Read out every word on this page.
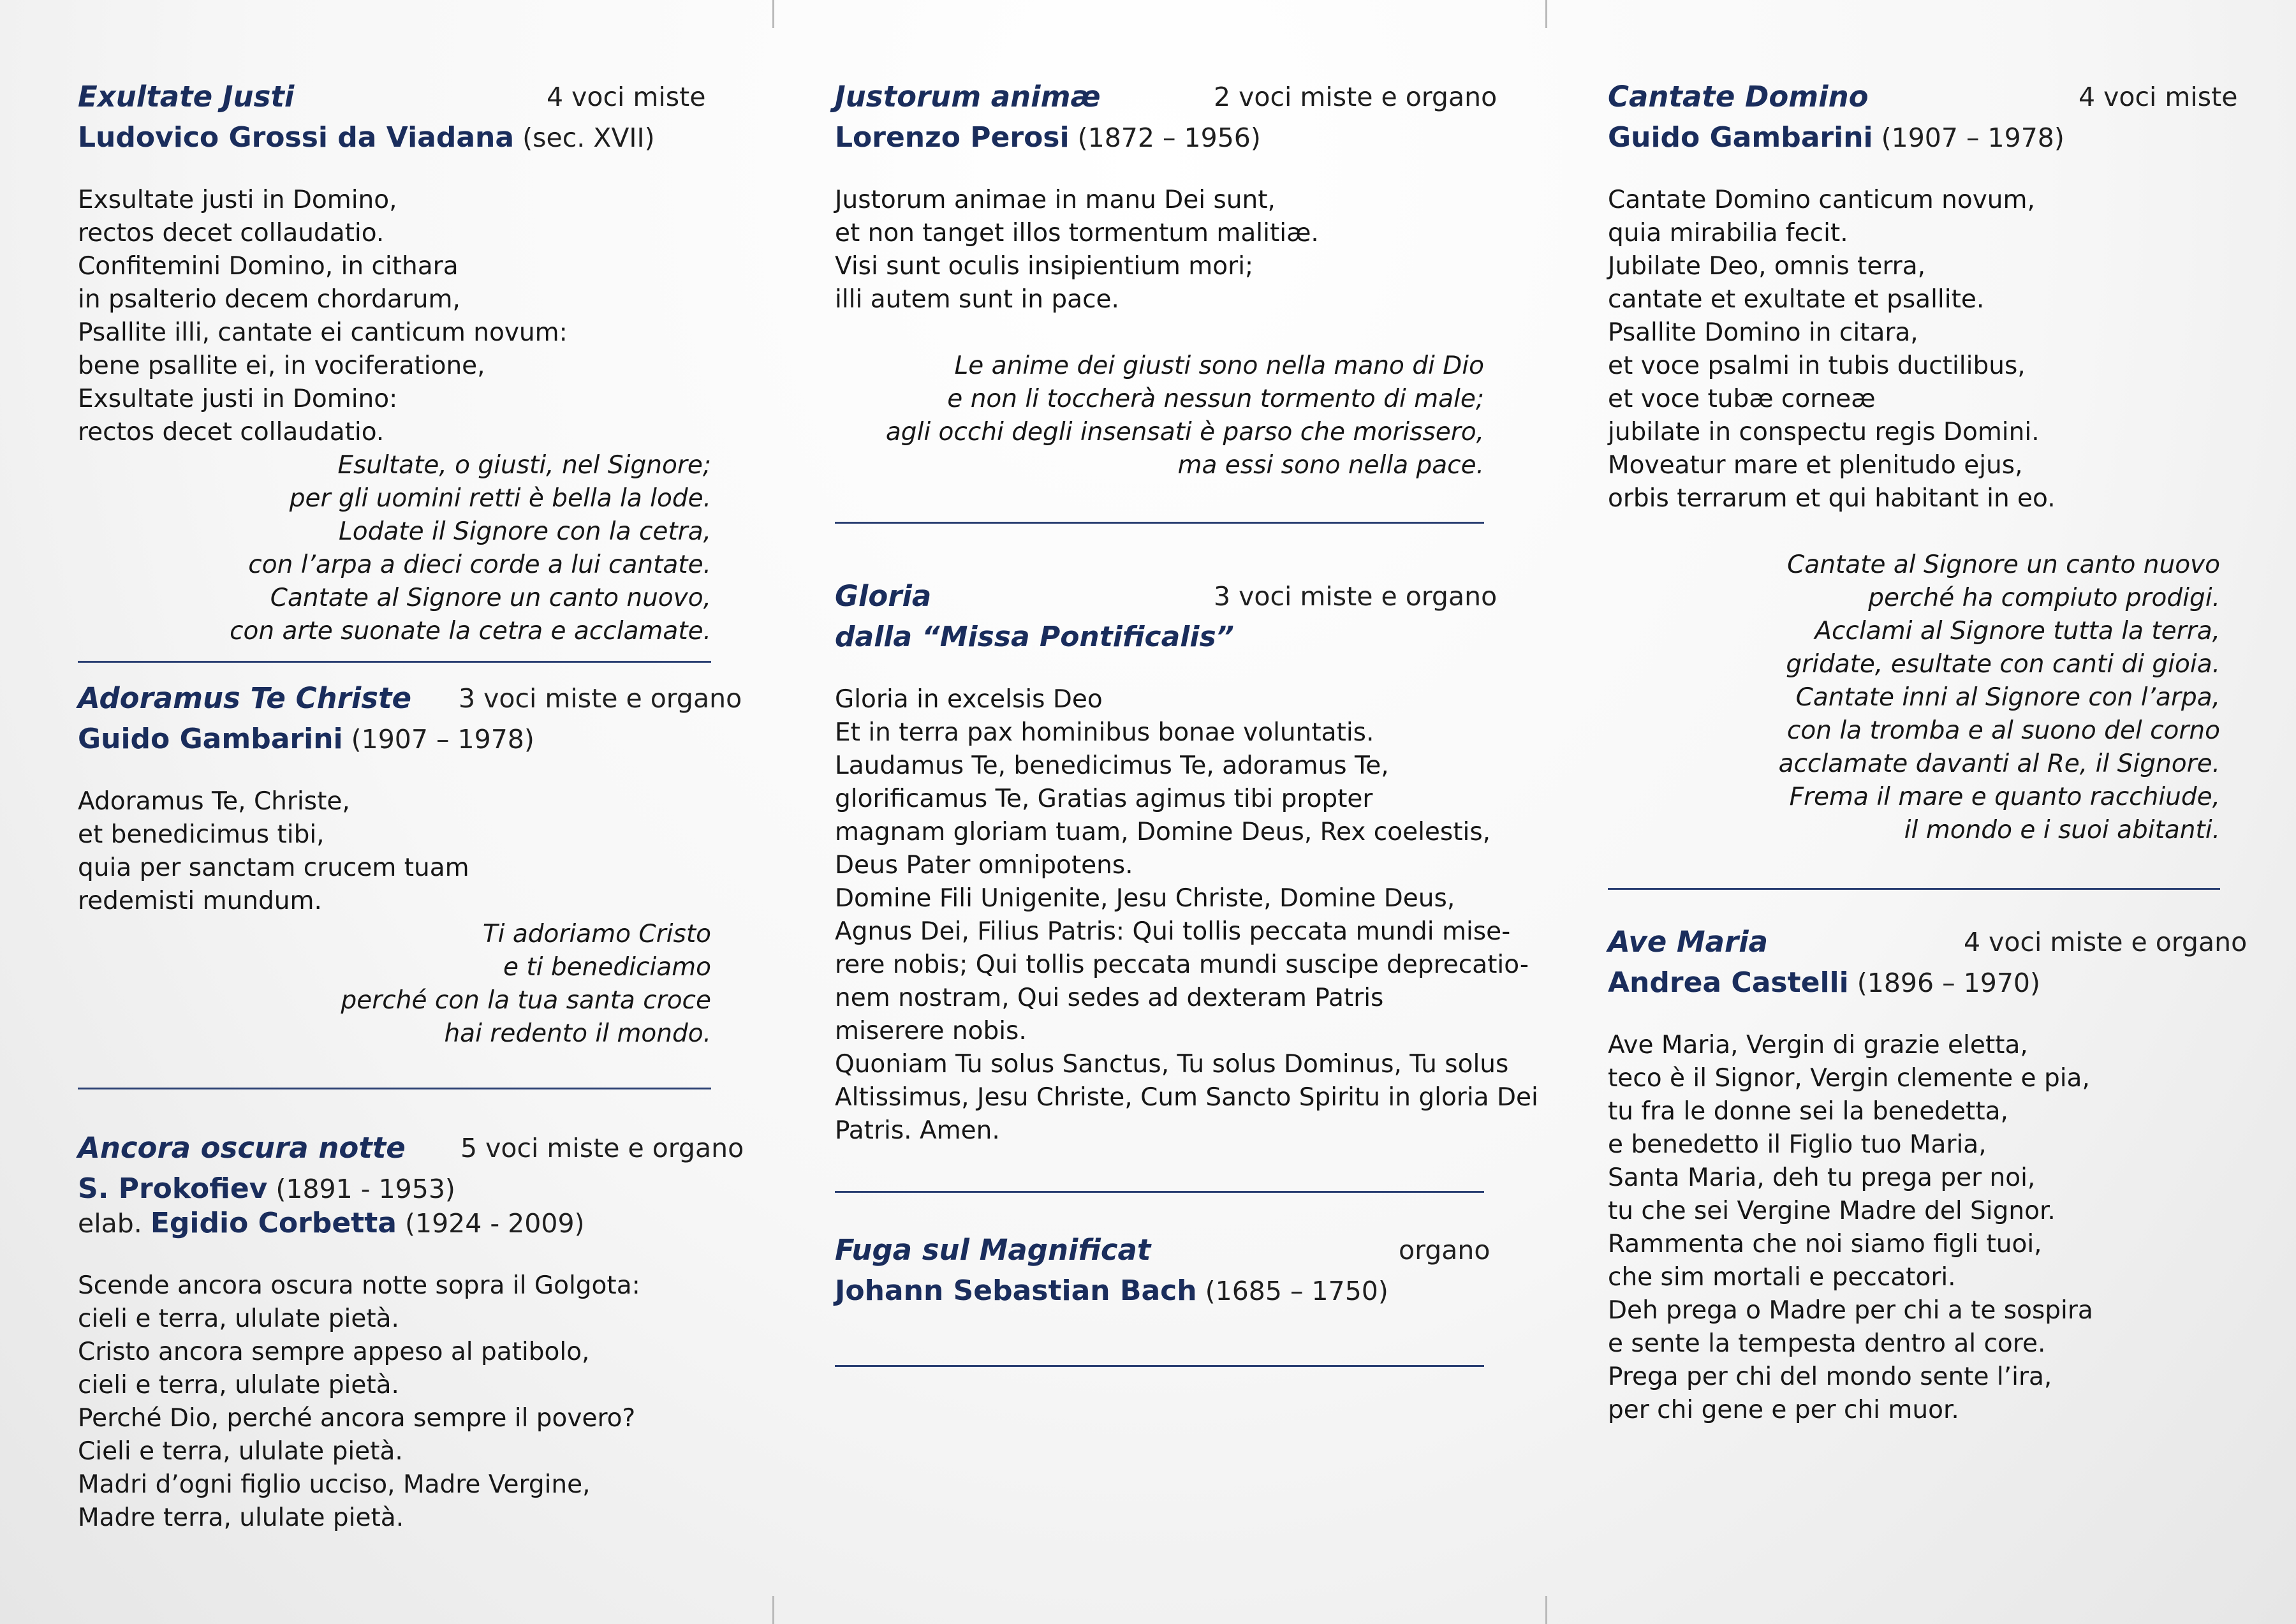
Exultate Justi	4 voci miste
Ludovico Grossi da Viadana (sec. XVII)
Exsultate justi in Domino,
rectos decet collaudatio.
Confitemini Domino, in cithara
in psalterio decem chordarum,
Psallite illi, cantate ei canticum novum:
bene psallite ei, in vociferatione,
Exsultate justi in Domino:
rectos decet collaudatio.
Esultate, o giusti, nel Signore;
per gli uomini retti è bella la lode.
Lodate il Signore con la cetra,
con l’arpa a dieci corde a lui cantate.
Cantate al Signore un canto nuovo,
con arte suonate la cetra e acclamate.
Adoramus Te Christe 3 voci miste e organo
Guido Gambarini (1907 – 1978)
Adoramus Te, Christe,
et benedicimus tibi,
quia per sanctam crucem tuam
redemisti mundum.
Ti adoriamo Cristo
e ti benediciamo
perché con la tua santa croce
hai redento il mondo.
Ancora oscura notte 5 voci miste e organo
S. Prokofiev (1891 - 1953)
elab. Egidio Corbetta (1924 - 2009)
Scende ancora oscura notte sopra il Golgota:
cieli e terra, ululate pietà.
Cristo ancora sempre appeso al patibolo,
cieli e terra, ululate pietà.
Perché Dio, perché ancora sempre il povero?
Cieli e terra, ululate pietà.
Madri d’ogni figlio ucciso, Madre Vergine,
Madre terra, ululate pietà.
Justorum animæ	2 voci miste e organo
Lorenzo Perosi (1872 – 1956)
Justorum animae in manu Dei sunt,
et non tanget illos tormentum malitiæ.
Visi sunt oculis insipientium mori;
illi autem sunt in pace.
Le anime dei giusti sono nella mano di Dio
e non li toccherà nessun tormento di male;
agli occhi degli insensati è parso che morissero,
ma essi sono nella pace.
Gloria	3 voci miste e organo
dalla “Missa Pontificalis”
Gloria in excelsis Deo
Et in terra pax hominibus bonae voluntatis.
Laudamus Te, benedicimus Te, adoramus Te,
glorificamus Te, Gratias agimus tibi propter
magnam gloriam tuam, Domine Deus, Rex coelestis,
Deus Pater omnipotens.
Domine Fili Unigenite, Jesu Christe, Domine Deus,
Agnus Dei, Filius Patris: Qui tollis peccata mundi mise-
rere nobis; Qui tollis peccata mundi suscipe deprecatio-
nem nostram, Qui sedes ad dexteram Patris
miserere nobis.
Quoniam Tu solus Sanctus, Tu solus Dominus, Tu solus
Altissimus, Jesu Christe, Cum Sancto Spiritu in gloria Dei
Patris. Amen.
Fuga sul Magnificat	organo
Johann Sebastian Bach (1685 – 1750)
Cantate Domino	4 voci miste
Guido Gambarini (1907 – 1978)
Cantate Domino canticum novum,
quia mirabilia fecit.
Jubilate Deo, omnis terra,
cantate et exultate et psallite.
Psallite Domino in citara,
et voce psalmi in tubis ductilibus,
et voce tubæ corneæ
jubilate in conspectu regis Domini.
Moveatur mare et plenitudo ejus,
orbis terrarum et qui habitant in eo.
Cantate al Signore un canto nuovo
perché ha compiuto prodigi.
Acclami al Signore tutta la terra,
gridate, esultate con canti di gioia.
Cantate inni al Signore con l’arpa,
con la tromba e al suono del corno
acclamate davanti al Re, il Signore.
Frema il mare e quanto racchiude,
il mondo e i suoi abitanti.
Ave Maria	4 voci miste e organo
Andrea Castelli (1896 – 1970)
Ave Maria, Vergin di grazie eletta,
teco è il Signor, Vergin clemente e pia,
tu fra le donne sei la benedetta,
e benedetto il Figlio tuo Maria,
Santa Maria, deh tu prega per noi,
tu che sei Vergine Madre del Signor.
Rammenta che noi siamo figli tuoi,
che sim mortali e peccatori.
Deh prega o Madre per chi a te sospira
e sente la tempesta dentro al core.
Prega per chi del mondo sente l’ira,
per chi gene e per chi muor.
